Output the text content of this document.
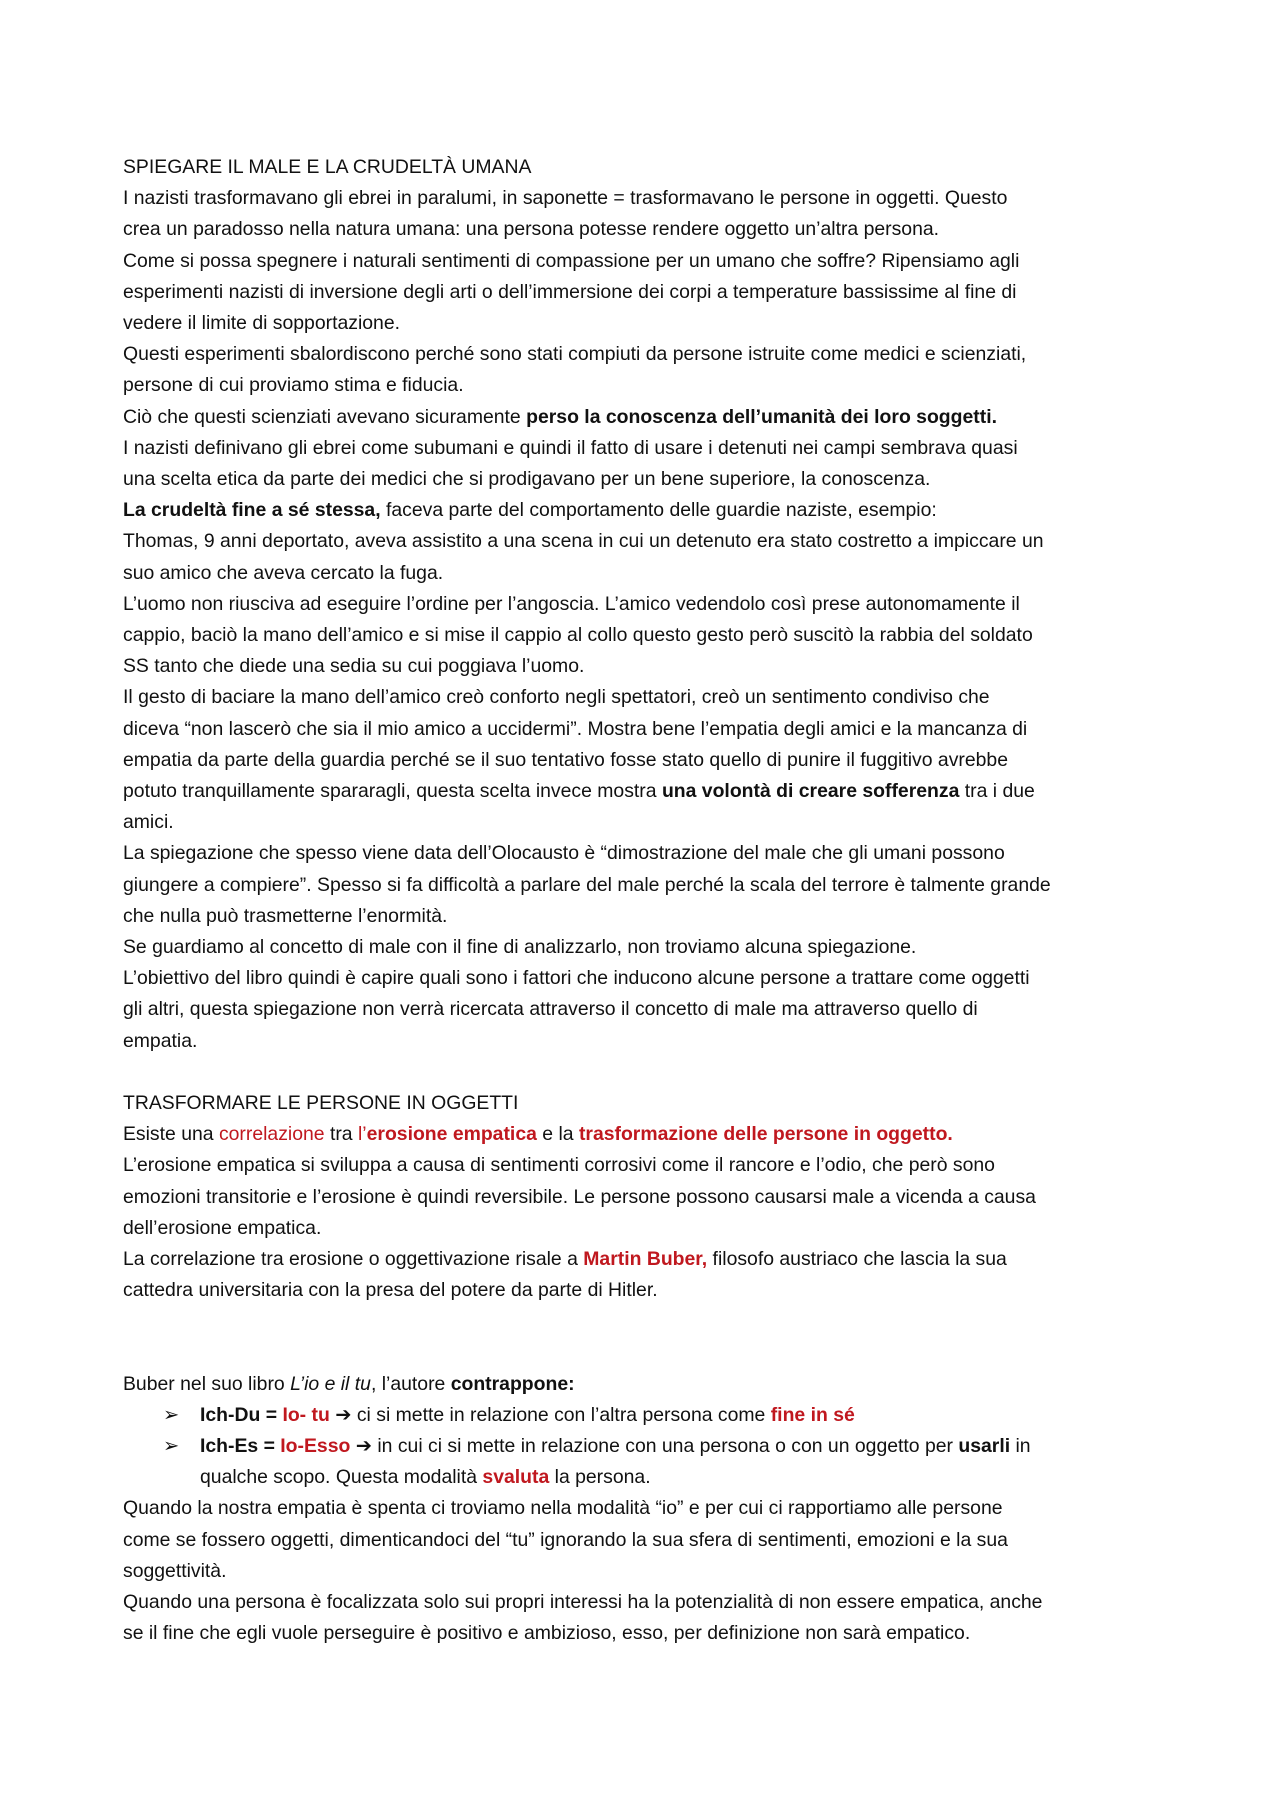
SPIEGARE IL MALE E LA CRUDELTÀ UMANA

I nazisti trasformavano gli ebrei in paralumi, in saponette = trasformavano le persone in oggetti. Questo

crea un paradosso nella natura umana: una persona potesse rendere oggetto un’altra persona.

Come si possa spegnere i naturali sentimenti di compassione per un umano che soffre? Ripensiamo agli

esperimenti nazisti di inversione degli arti o dell’immersione dei corpi a temperature bassissime al fine di

vedere il limite di sopportazione.

Questi esperimenti sbalordiscono perché sono stati compiuti da persone istruite come medici e scienziati,

persone di cui proviamo stima e fiducia.

Ciò che questi scienziati avevano sicuramente perso la conoscenza dell’umanità dei loro soggetti.

I nazisti definivano gli ebrei come subumani e quindi il fatto di usare i detenuti nei campi sembrava quasi

una scelta etica da parte dei medici che si prodigavano per un bene superiore, la conoscenza.

La crudeltà fine a sé stessa, faceva parte del comportamento delle guardie naziste, esempio:

Thomas, 9 anni deportato, aveva assistito a una scena in cui un detenuto era stato costretto a impiccare un

suo amico che aveva cercato la fuga.

L’uomo non riusciva ad eseguire l’ordine per l’angoscia. L’amico vedendolo così prese autonomamente il

cappio, baciò la mano dell’amico e si mise il cappio al collo questo gesto però suscitò la rabbia del soldato

SS tanto che diede una sedia su cui poggiava l’uomo.

Il gesto di baciare la mano dell’amico creò conforto negli spettatori, creò un sentimento condiviso che

diceva “non lascerò che sia il mio amico a uccidermi”. Mostra bene l’empatia degli amici e la mancanza di

empatia da parte della guardia perché se il suo tentativo fosse stato quello di punire il fuggitivo avrebbe

potuto tranquillamente spararagli, questa scelta invece mostra una volontà di creare sofferenza tra i due

amici.

La spiegazione che spesso viene data dell’Olocausto è “dimostrazione del male che gli umani possono

giungere a compiere”. Spesso si fa difficoltà a parlare del male perché la scala del terrore è talmente grande

che nulla può trasmetterne l’enormità.

Se guardiamo al concetto di male con il fine di analizzarlo, non troviamo alcuna spiegazione.

L’obiettivo del libro quindi è capire quali sono i fattori che inducono alcune persone a trattare come oggetti

gli altri, questa spiegazione non verrà ricercata attraverso il concetto di male ma attraverso quello di

empatia.

TRASFORMARE LE PERSONE IN OGGETTI

Esiste una correlazione tra l’erosione empatica e la trasformazione delle persone in oggetto.

L’erosione empatica si sviluppa a causa di sentimenti corrosivi come il rancore e l’odio, che però sono

emozioni transitorie e l’erosione è quindi reversibile. Le persone possono causarsi male a vicenda a causa

dell’erosione empatica.

La correlazione tra erosione o oggettivazione risale a Martin Buber, filosofo austriaco che lascia la sua

cattedra universitaria con la presa del potere da parte di Hitler.

Buber nel suo libro L’io e il tu, l’autore contrappone:

➢ Ich-Du = Io- tu ➔ ci si mette in relazione con l’altra persona come fine in sé

➢ Ich-Es = Io-Esso ➔ in cui ci si mette in relazione con una persona o con un oggetto per usarli in

qualche scopo. Questa modalità svaluta la persona.

Quando la nostra empatia è spenta ci troviamo nella modalità “io” e per cui ci rapportiamo alle persone

come se fossero oggetti, dimenticandoci del “tu” ignorando la sua sfera di sentimenti, emozioni e la sua

soggettività.

Quando una persona è focalizzata solo sui propri interessi ha la potenzialità di non essere empatica, anche

se il fine che egli vuole perseguire è positivo e ambizioso, esso, per definizione non sarà empatico.
